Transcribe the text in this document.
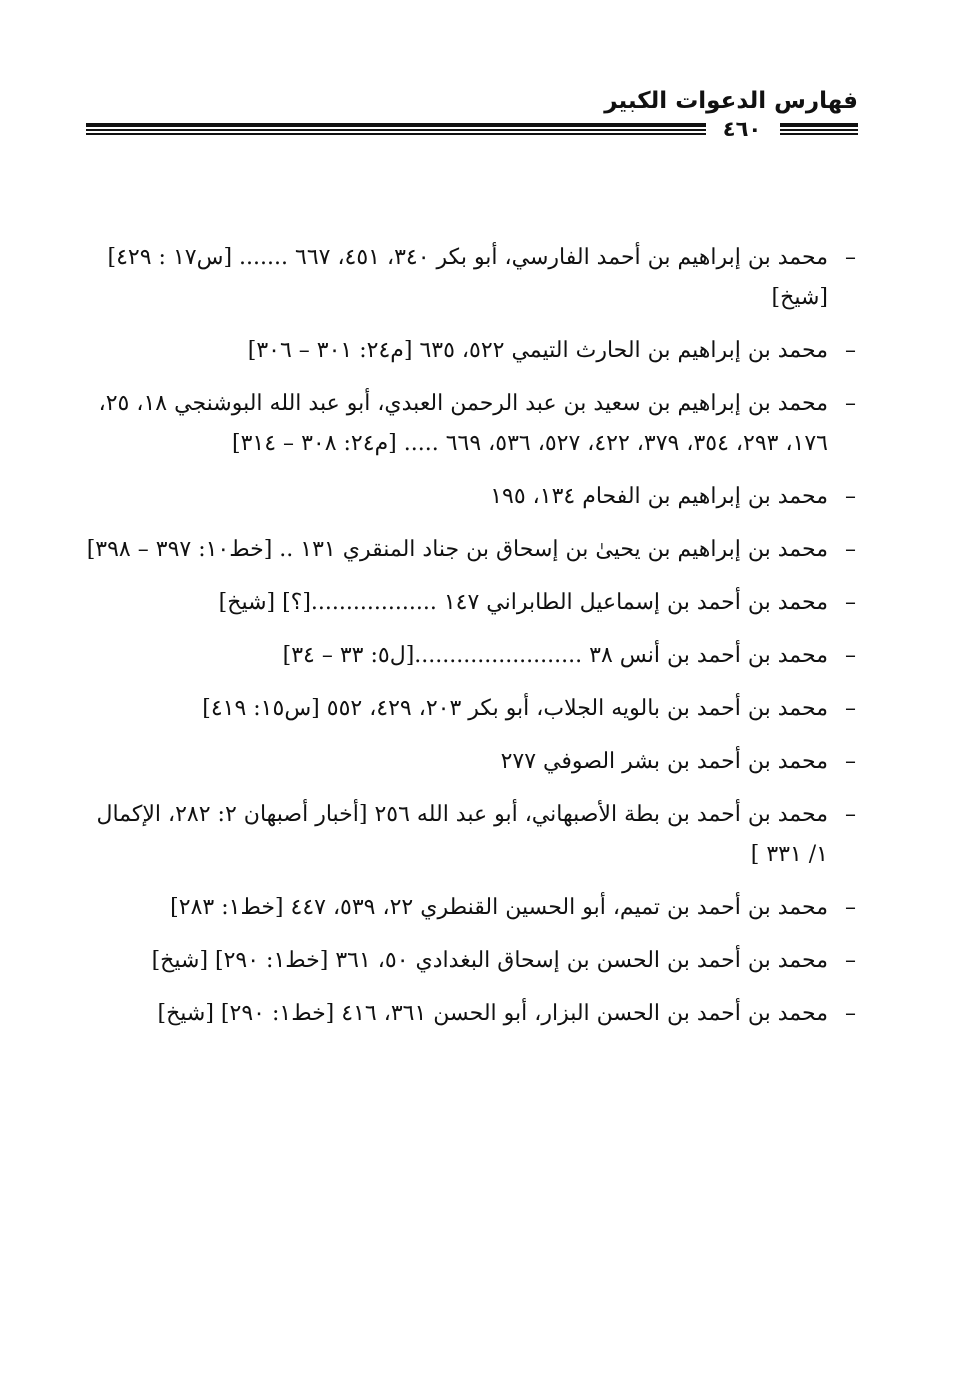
فهارس الدعوات الكبير
٤٦٠
–
محمد بن إبراهيم بن أحمد الفارسي، أبو بكر ٣٤٠، ٤٥١، ٦٦٧ ....... [س١٧ : ٤٢٩] [شيخ]
–
محمد بن إبراهيم بن الحارث التيمي ٥٢٢، ٦٣٥ [م٢٤: ٣٠١ – ٣٠٦]
–
محمد بن إبراهيم بن سعيد بن عبد الرحمن العبدي، أبو عبد الله البوشنجي ١٨، ٢٥، ١٧٦، ٢٩٣، ٣٥٤، ٣٧٩، ٤٢٢، ٥٢٧، ٥٣٦، ٦٦٩ ..... [م٢٤: ٣٠٨ – ٣١٤]
–
محمد بن إبراهيم بن الفحام ١٣٤، ١٩٥
–
محمد بن إبراهيم بن يحيىٰ بن إسحاق بن جناد المنقري ١٣١ .. [خط١٠: ٣٩٧ – ٣٩٨]
–
محمد بن أحمد بن إسماعيل الطابراني ١٤٧ ..................[؟] [شيخ]
–
محمد بن أحمد بن أنس ٣٨ ........................[ل٥: ٣٣ – ٣٤]
–
محمد بن أحمد بن بالويه الجلاب، أبو بكر ٢٠٣، ٤٢٩، ٥٥٢ [س١٥: ٤١٩]
–
محمد بن أحمد بن بشر الصوفي ٢٧٧
–
محمد بن أحمد بن بطة الأصبهاني، أبو عبد الله ٢٥٦ [أخبار أصبهان ٢: ٢٨٢، الإكمال ١/ ٣٣١ ]
–
محمد بن أحمد بن تميم، أبو الحسين القنطري ٢٢، ٥٣٩، ٤٤٧ [خط١: ٢٨٣]
–
محمد بن أحمد بن الحسن بن إسحاق البغدادي ٥٠، ٣٦١ [خط١: ٢٩٠] [شيخ]
–
محمد بن أحمد بن الحسن البزار، أبو الحسن ٣٦١، ٤١٦ [خط١: ٢٩٠] [شيخ]
